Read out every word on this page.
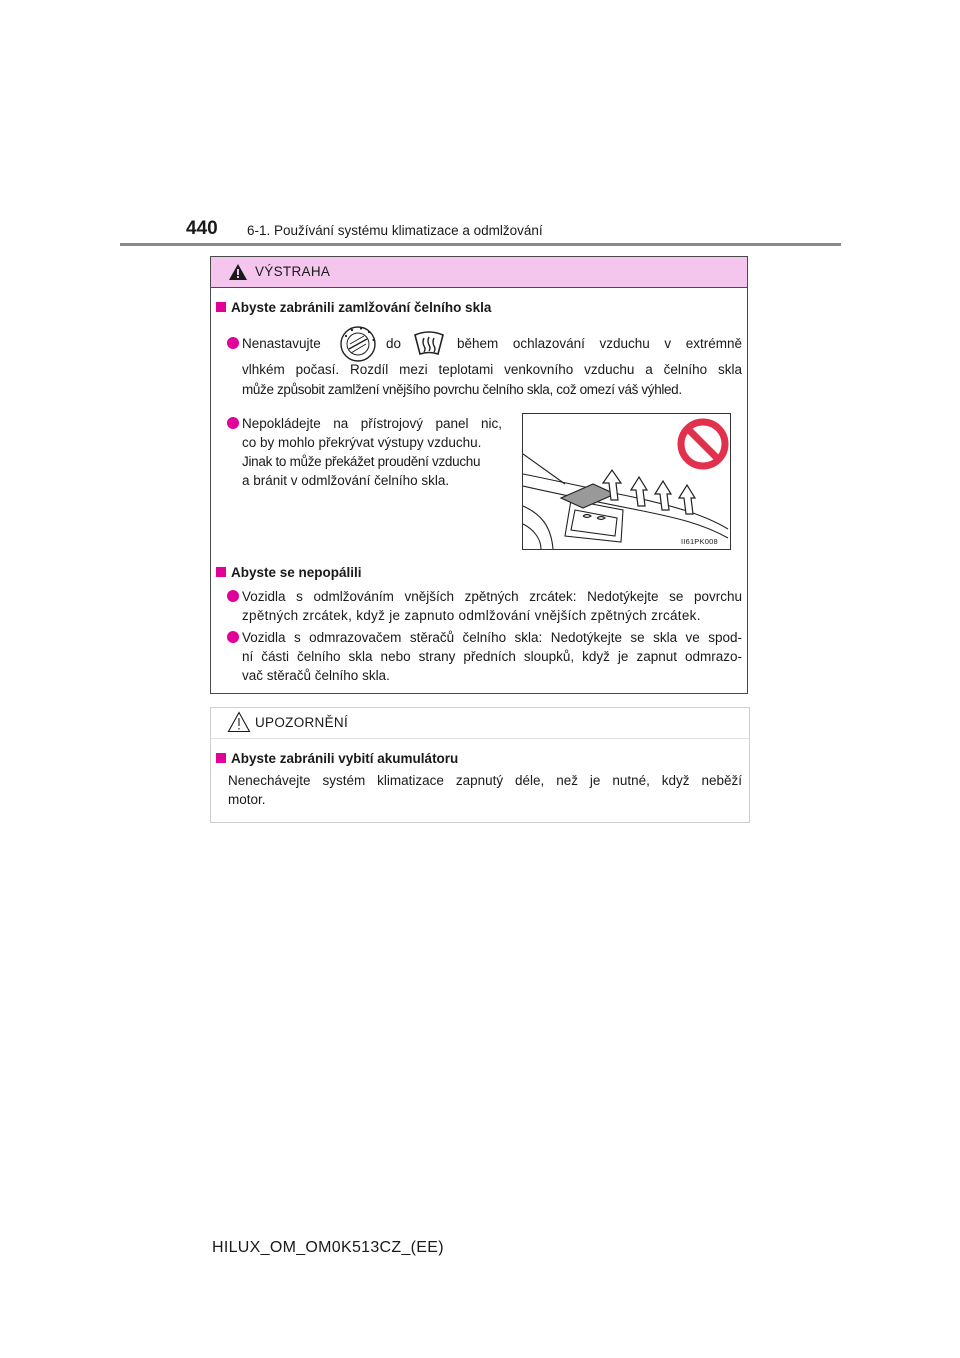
440 6-1. Používání systému klimatizace a odmlžování
VÝSTRAHA
Abyste zabránili zamlžování čelního skla
Nenastavujte	do	během ochlazování vzduchu v extrémně
vlhkém počasí. Rozdíl mezi teplotami venkovního vzduchu a čelního skla
může způsobit zamlžení vnějšího povrchu čelního skla, což omezí váš výhled.
Nepokládejte na přístrojový panel nic,
co by mohlo překrývat výstupy vzduchu.
Jinak to může překážet proudění vzduchu
a bránit v odmlžování čelního skla.
II61PK008
Abyste se nepopálili
Vozidla s odmlžováním vnějších zpětných zrcátek: Nedotýkejte se povrchu
zpětných zrcátek, když je zapnuto odmlžování vnějších zpětných zrcátek.
Vozidla s odmrazovačem stěračů čelního skla: Nedotýkejte se skla ve spod-
ní části čelního skla nebo strany předních sloupků, když je zapnut odmrazo-
vač stěračů čelního skla.
UPOZORNĚNÍ
Abyste zabránili vybití akumulátoru
Nenechávejte systém klimatizace zapnutý déle, než je nutné, když neběží
motor.
HILUX_OM_OM0K513CZ_(EE)
